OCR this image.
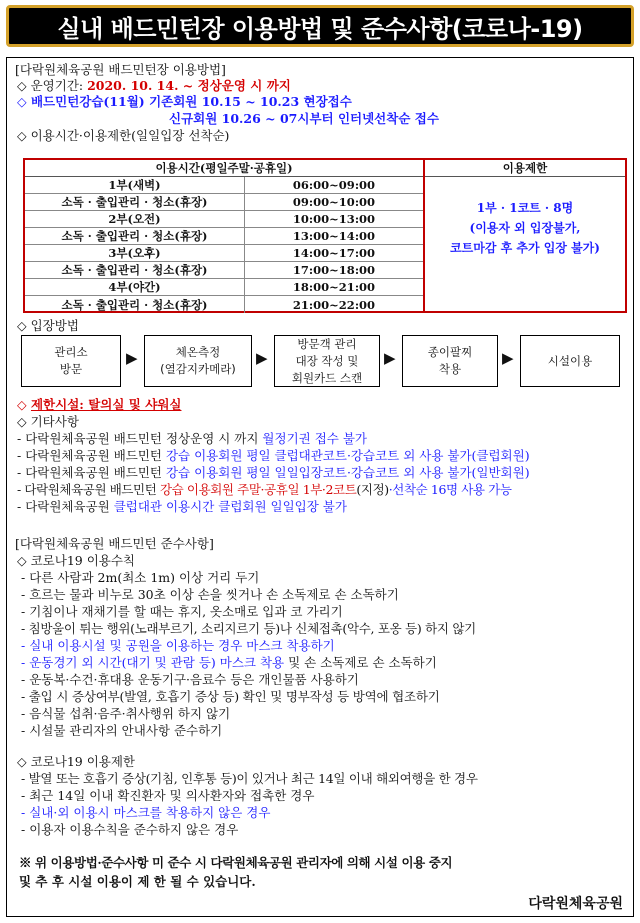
실내 배드민턴장 이용방법 및 준수사항(코로나-19)
[다락원체육공원 배드민턴장 이용방법]
◇ 운영기간: 2020. 10. 14. ~ 정상운영 시 까지
◇ 배드민턴강습(11월) 기존회원 10.15 ~ 10.23 현장접수
신규회원 10.26 ~ 07시부터 인터넷선착순 접수
◇ 이용시간·이용제한(일일입장 선착순)
이용시간(평일주말·공휴일)
1부(새벽)	06:00~09:00
소독 · 출입관리 · 청소(휴장)	09:00~10:00
2부(오전)	10:00~13:00
소독 · 출입관리 · 청소(휴장)	13:00~14:00
3부(오후)	14:00~17:00
소독 · 출입관리 · 청소(휴장)	17:00~18:00
4부(야간)	18:00~21:00
소독 · 출입관리 · 청소(휴장)	21:00~22:00
이용제한
1부 · 1코트 · 8명
(이용자 외 입장불가,
코트마감 후 추가 입장 불가)
◇ 입장방법
관리소
방문
▶	체온측정
(열감지카메라)
▶
방문객 관리
대장 작성 및
회원카드 스캔
▶	종이팔찌
착용
▶	시설이용
◇ 제한시설: 탈의실 및 샤워실
◇ 기타사항
- 다락원체육공원 배드민턴 정상운영 시 까지 월정기권 접수 불가
- 다락원체육공원 배드민턴 강습 이용회원 평일 클럽대관코트·강습코트 외 사용 불가(클럽회원)
- 다락원체육공원 배드민턴 강습 이용회원 평일 일일입장코트·강습코트 외 사용 불가(일반회원)
- 다락원체육공원 배드민턴 강습 이용회원 주말·공휴일 1부·2코트(지정)·선착순 16명 사용 가능
- 다락원체육공원 클럽대관 이용시간 클럽회원 일일입장 불가
[다락원체육공원 배드민턴 준수사항]
◇ 코로나19 이용수칙
- 다른 사람과 2m(최소 1m) 이상 거리 두기
- 흐르는 물과 비누로 30초 이상 손을 씻거나 손 소독제로 손 소독하기
- 기침이나 재채기를 할 때는 휴지, 옷소매로 입과 코 가리기
- 침방울이 튀는 행위(노래부르기, 소리지르기 등)나 신체접촉(악수, 포옹 등) 하지 않기
- 실내 이용시설 및 공원을 이용하는 경우 마스크 착용하기
- 운동경기 외 시간(대기 및 관람 등) 마스크 착용 및 손 소독제로 손 소독하기
- 운동복·수건·휴대용 운동기구·음료수 등은 개인물품 사용하기
- 출입 시 증상여부(발열, 호흡기 증상 등) 확인 및 명부작성 등 방역에 협조하기
- 음식물 섭취·음주·취사행위 하지 않기
- 시설물 관리자의 안내사항 준수하기
◇ 코로나19 이용제한
- 발열 또는 호흡기 증상(기침, 인후통 등)이 있거나 최근 14일 이내 해외여행을 한 경우
- 최근 14일 이내 확진환자 및 의사환자와 접촉한 경우
- 실내·외 이용시 마스크를 착용하지 않은 경우
- 이용자 이용수칙을 준수하지 않은 경우
※ 위 이용방법·준수사항 미 준수 시 다락원체육공원 관리자에 의해 시설 이용 중지
및 추 후 시설 이용이 제 한 될 수 있습니다.
다락원체육공원
